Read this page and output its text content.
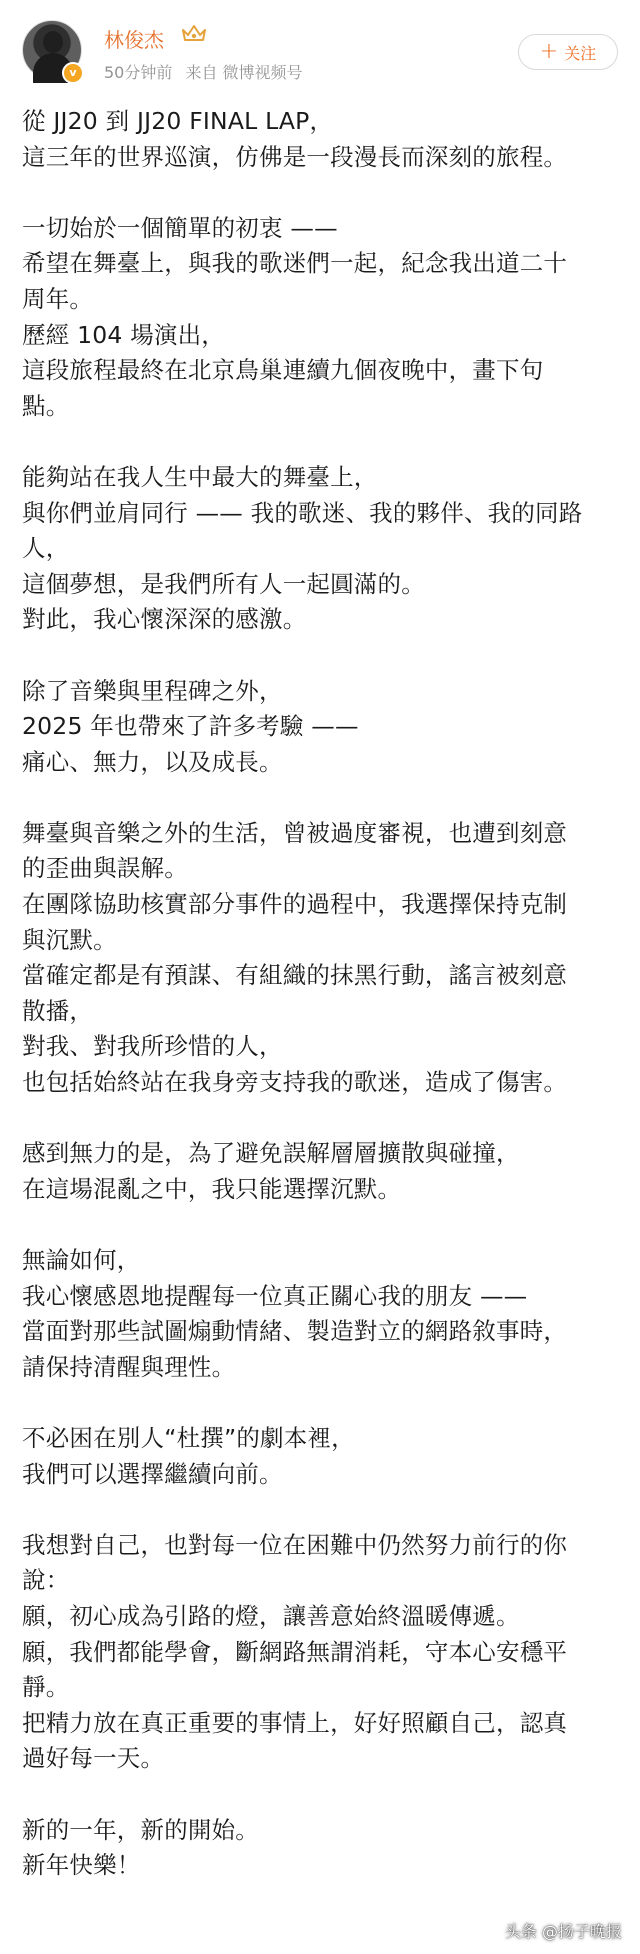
v
林俊杰
50分钟前 来自 微博视频号
+ 关注
從 JJ20 到 JJ20 FINAL LAP，
這三年的世界巡演，仿佛是一段漫長而深刻的旅程。
一切始於一個簡單的初衷 ——
希望在舞臺上，與我的歌迷們一起，紀念我出道二十
周年。
歷經 104 場演出，
這段旅程最終在北京鳥巢連續九個夜晚中，畫下句
點。
能夠站在我人生中最大的舞臺上，
與你們並肩同行 —— 我的歌迷、我的夥伴、我的同路
人，
這個夢想，是我們所有人一起圓滿的。
對此，我心懷深深的感激。
除了音樂與里程碑之外，
2025 年也帶來了許多考驗 ——
痛心、無力，以及成長。
舞臺與音樂之外的生活，曾被過度審視，也遭到刻意
的歪曲與誤解。
在團隊協助核實部分事件的過程中，我選擇保持克制
與沉默。
當確定都是有預謀、有組織的抹黑行動，謠言被刻意
散播，
對我、對我所珍惜的人，
也包括始終站在我身旁支持我的歌迷，造成了傷害。
感到無力的是，為了避免誤解層層擴散與碰撞，
在這場混亂之中，我只能選擇沉默。
無論如何，
我心懷感恩地提醒每一位真正關心我的朋友 ——
當面對那些試圖煽動情緒、製造對立的網路敘事時，
請保持清醒與理性。
不必困在別人“杜撰”的劇本裡，
我們可以選擇繼續向前。
我想對自己，也對每一位在困難中仍然努力前行的你
說：
願，初心成為引路的燈，讓善意始終溫暖傳遞。
願，我們都能學會，斷網路無謂消耗，守本心安穩平
靜。
把精力放在真正重要的事情上，好好照顧自己，認真
過好每一天。
新的一年，新的開始。
新年快樂！
头条 @扬子晚报
